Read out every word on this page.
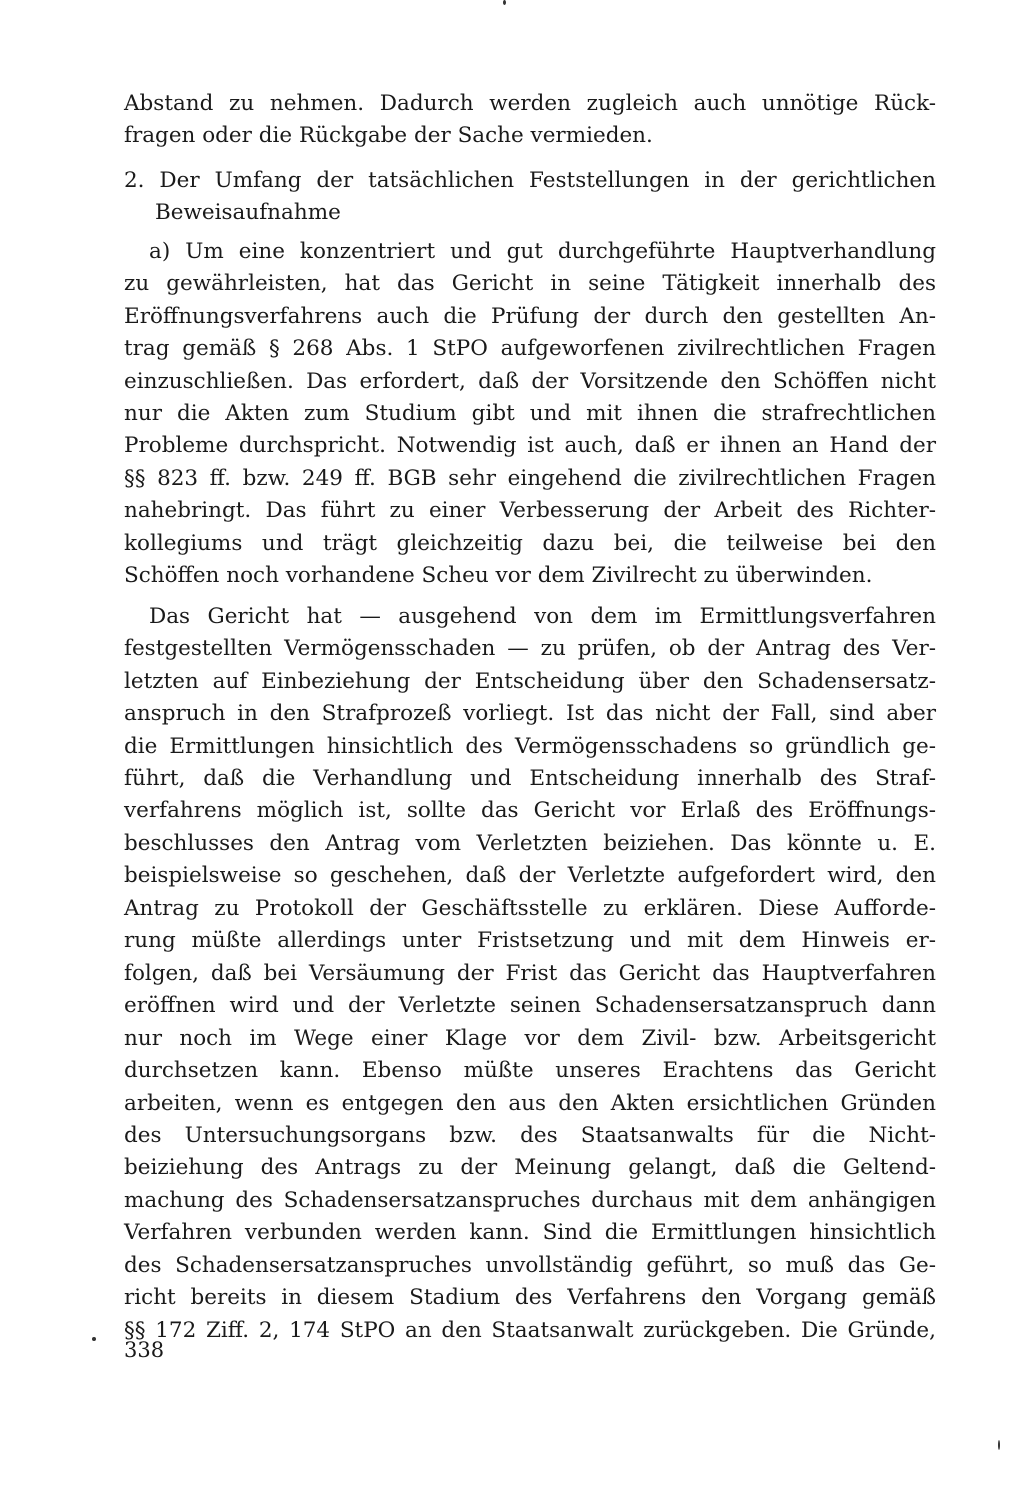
Abstand zu nehmen. Dadurch werden zugleich auch unnötige Rück-
fragen oder die Rückgabe der Sache vermieden.
2. Der Umfang der tatsächlichen Feststellungen in der gerichtlichen
Beweisaufnahme
a) Um eine konzentriert und gut durchgeführte Hauptverhandlung
zu gewährleisten, hat das Gericht in seine Tätigkeit innerhalb des
Eröffnungsverfahrens auch die Prüfung der durch den gestellten An-
trag gemäß § 268 Abs. 1 StPO aufgeworfenen zivilrechtlichen Fragen
einzuschließen. Das erfordert, daß der Vorsitzende den Schöffen nicht
nur die Akten zum Studium gibt und mit ihnen die strafrechtlichen
Probleme durchspricht. Notwendig ist auch, daß er ihnen an Hand der
§§ 823 ff. bzw. 249 ff. BGB sehr eingehend die zivilrechtlichen Fragen
nahebringt. Das führt zu einer Verbesserung der Arbeit des Richter-
kollegiums und trägt gleichzeitig dazu bei, die teilweise bei den
Schöffen noch vorhandene Scheu vor dem Zivilrecht zu überwinden.
Das Gericht hat — ausgehend von dem im Ermittlungsverfahren
festgestellten Vermögensschaden — zu prüfen, ob der Antrag des Ver-
letzten auf Einbeziehung der Entscheidung über den Schadensersatz-
anspruch in den Strafprozeß vorliegt. Ist das nicht der Fall, sind aber
die Ermittlungen hinsichtlich des Vermögensschadens so gründlich ge-
führt, daß die Verhandlung und Entscheidung innerhalb des Straf-
verfahrens möglich ist, sollte das Gericht vor Erlaß des Eröffnungs-
beschlusses den Antrag vom Verletzten beiziehen. Das könnte u. E.
beispielsweise so geschehen, daß der Verletzte aufgefordert wird, den
Antrag zu Protokoll der Geschäftsstelle zu erklären. Diese Aufforde-
rung müßte allerdings unter Fristsetzung und mit dem Hinweis er-
folgen, daß bei Versäumung der Frist das Gericht das Hauptverfahren
eröffnen wird und der Verletzte seinen Schadensersatzanspruch dann
nur noch im Wege einer Klage vor dem Zivil- bzw. Arbeitsgericht
durchsetzen kann. Ebenso müßte unseres Erachtens das Gericht
arbeiten, wenn es entgegen den aus den Akten ersichtlichen Gründen
des Untersuchungsorgans bzw. des Staatsanwalts für die Nicht-
beiziehung des Antrags zu der Meinung gelangt, daß die Geltend-
machung des Schadensersatzanspruches durchaus mit dem anhängigen
Verfahren verbunden werden kann. Sind die Ermittlungen hinsichtlich
des Schadensersatzanspruches unvollständig geführt, so muß das Ge-
richt bereits in diesem Stadium des Verfahrens den Vorgang gemäß
§§ 172 Ziff. 2, 174 StPO an den Staatsanwalt zurückgeben. Die Gründe,
338
